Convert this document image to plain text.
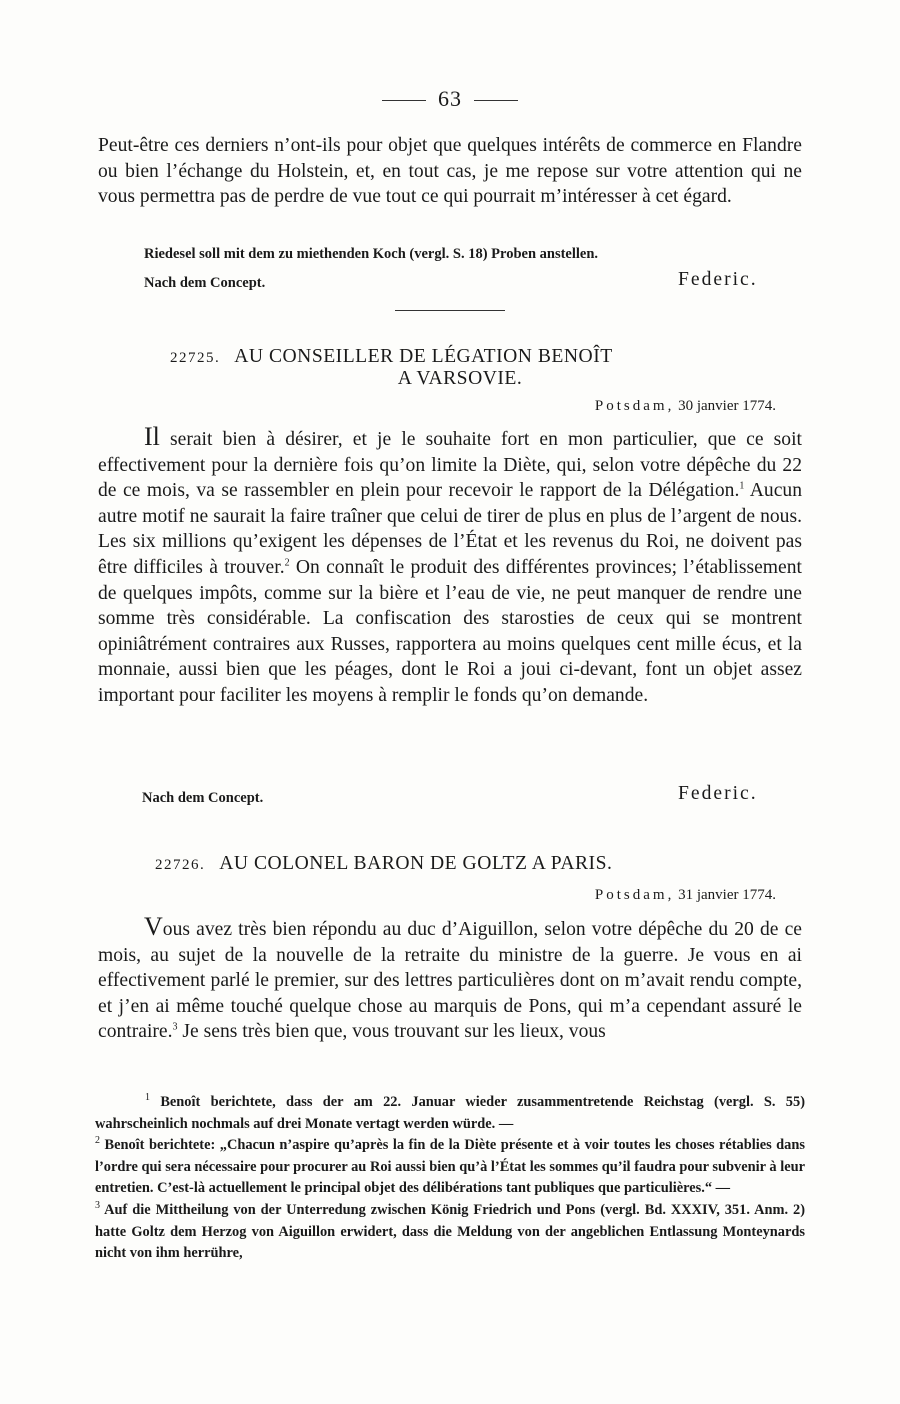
63

Peut-être ces derniers n’ont-ils pour objet que quelques intérêts de commerce en Flandre ou bien l’échange du Holstein, et, en tout cas, je me repose sur votre attention qui ne vous permettra pas de perdre de vue tout ce qui pourrait m’intéresser à cet égard.

Riedesel soll mit dem zu miethenden Koch (vergl. S. 18) Proben anstellen.
Nach dem Concept.	Federic.
22725. AU CONSEILLER DE LÉGATION BENOÎT
A VARSOVIE.
Potsdam, 30 janvier 1774.

Il serait bien à désirer, et je le souhaite fort en mon particulier, que ce soit effectivement pour la dernière fois qu’on limite la Diète, qui, selon votre dépêche du 22 de ce mois, va se rassembler en plein pour recevoir le rapport de la Délégation.$^1$ Aucun autre motif ne saurait la faire traîner que celui de tirer de plus en plus de l’argent de nous. Les six millions qu’exigent les dépenses de l’État et les revenus du Roi, ne doivent pas être difficiles à trouver.$^2$ On connaît le produit des différentes provinces; l’établissement de quelques impôts, comme sur la bière et l’eau de vie, ne peut manquer de rendre une somme très considérable. La confiscation des starosties de ceux qui se montrent opiniâtrément contraires aux Russes, rapportera au moins quelques cent mille écus, et la monnaie, aussi bien que les péages, dont le Roi a joui ci-devant, font un objet assez important pour faciliter les moyens à remplir le fonds qu’on demande.

Nach dem Concept.	Federic.
22726. AU COLONEL BARON DE GOLTZ A PARIS.
Potsdam, 31 janvier 1774.

Vous avez très bien répondu au duc d’Aiguillon, selon votre dépêche du 20 de ce mois, au sujet de la nouvelle de la retraite du ministre de la guerre. Je vous en ai effectivement parlé le premier, sur des lettres particulières dont on m’avait rendu compte, et j’en ai même touché quelque chose au marquis de Pons, qui m’a cependant assuré le contraire.$^3$ Je sens très bien que, vous trouvant sur les lieux, vous

$^1$ Benoît berichtete, dass der am 22. Januar wieder zusammentretende Reichstag (vergl. S. 55) wahrscheinlich nochmals auf drei Monate vertagt werden würde. —

$^2$ Benoît berichtete: „Chacun n’aspire qu’après la fin de la Diète présente et à voir toutes les choses rétablies dans l’ordre qui sera nécessaire pour procurer au Roi aussi bien qu’à l’État les sommes qu’il faudra pour subvenir à leur entretien. C’est-là actuellement le principal objet des délibérations tant publiques que particulières.“ —

$^3$ Auf die Mittheilung von der Unterredung zwischen König Friedrich und Pons (vergl. Bd. XXXIV, 351. Anm. 2) hatte Goltz dem Herzog von Aiguillon erwidert, dass die Meldung von der angeblichen Entlassung Monteynards nicht von ihm herrühre,
